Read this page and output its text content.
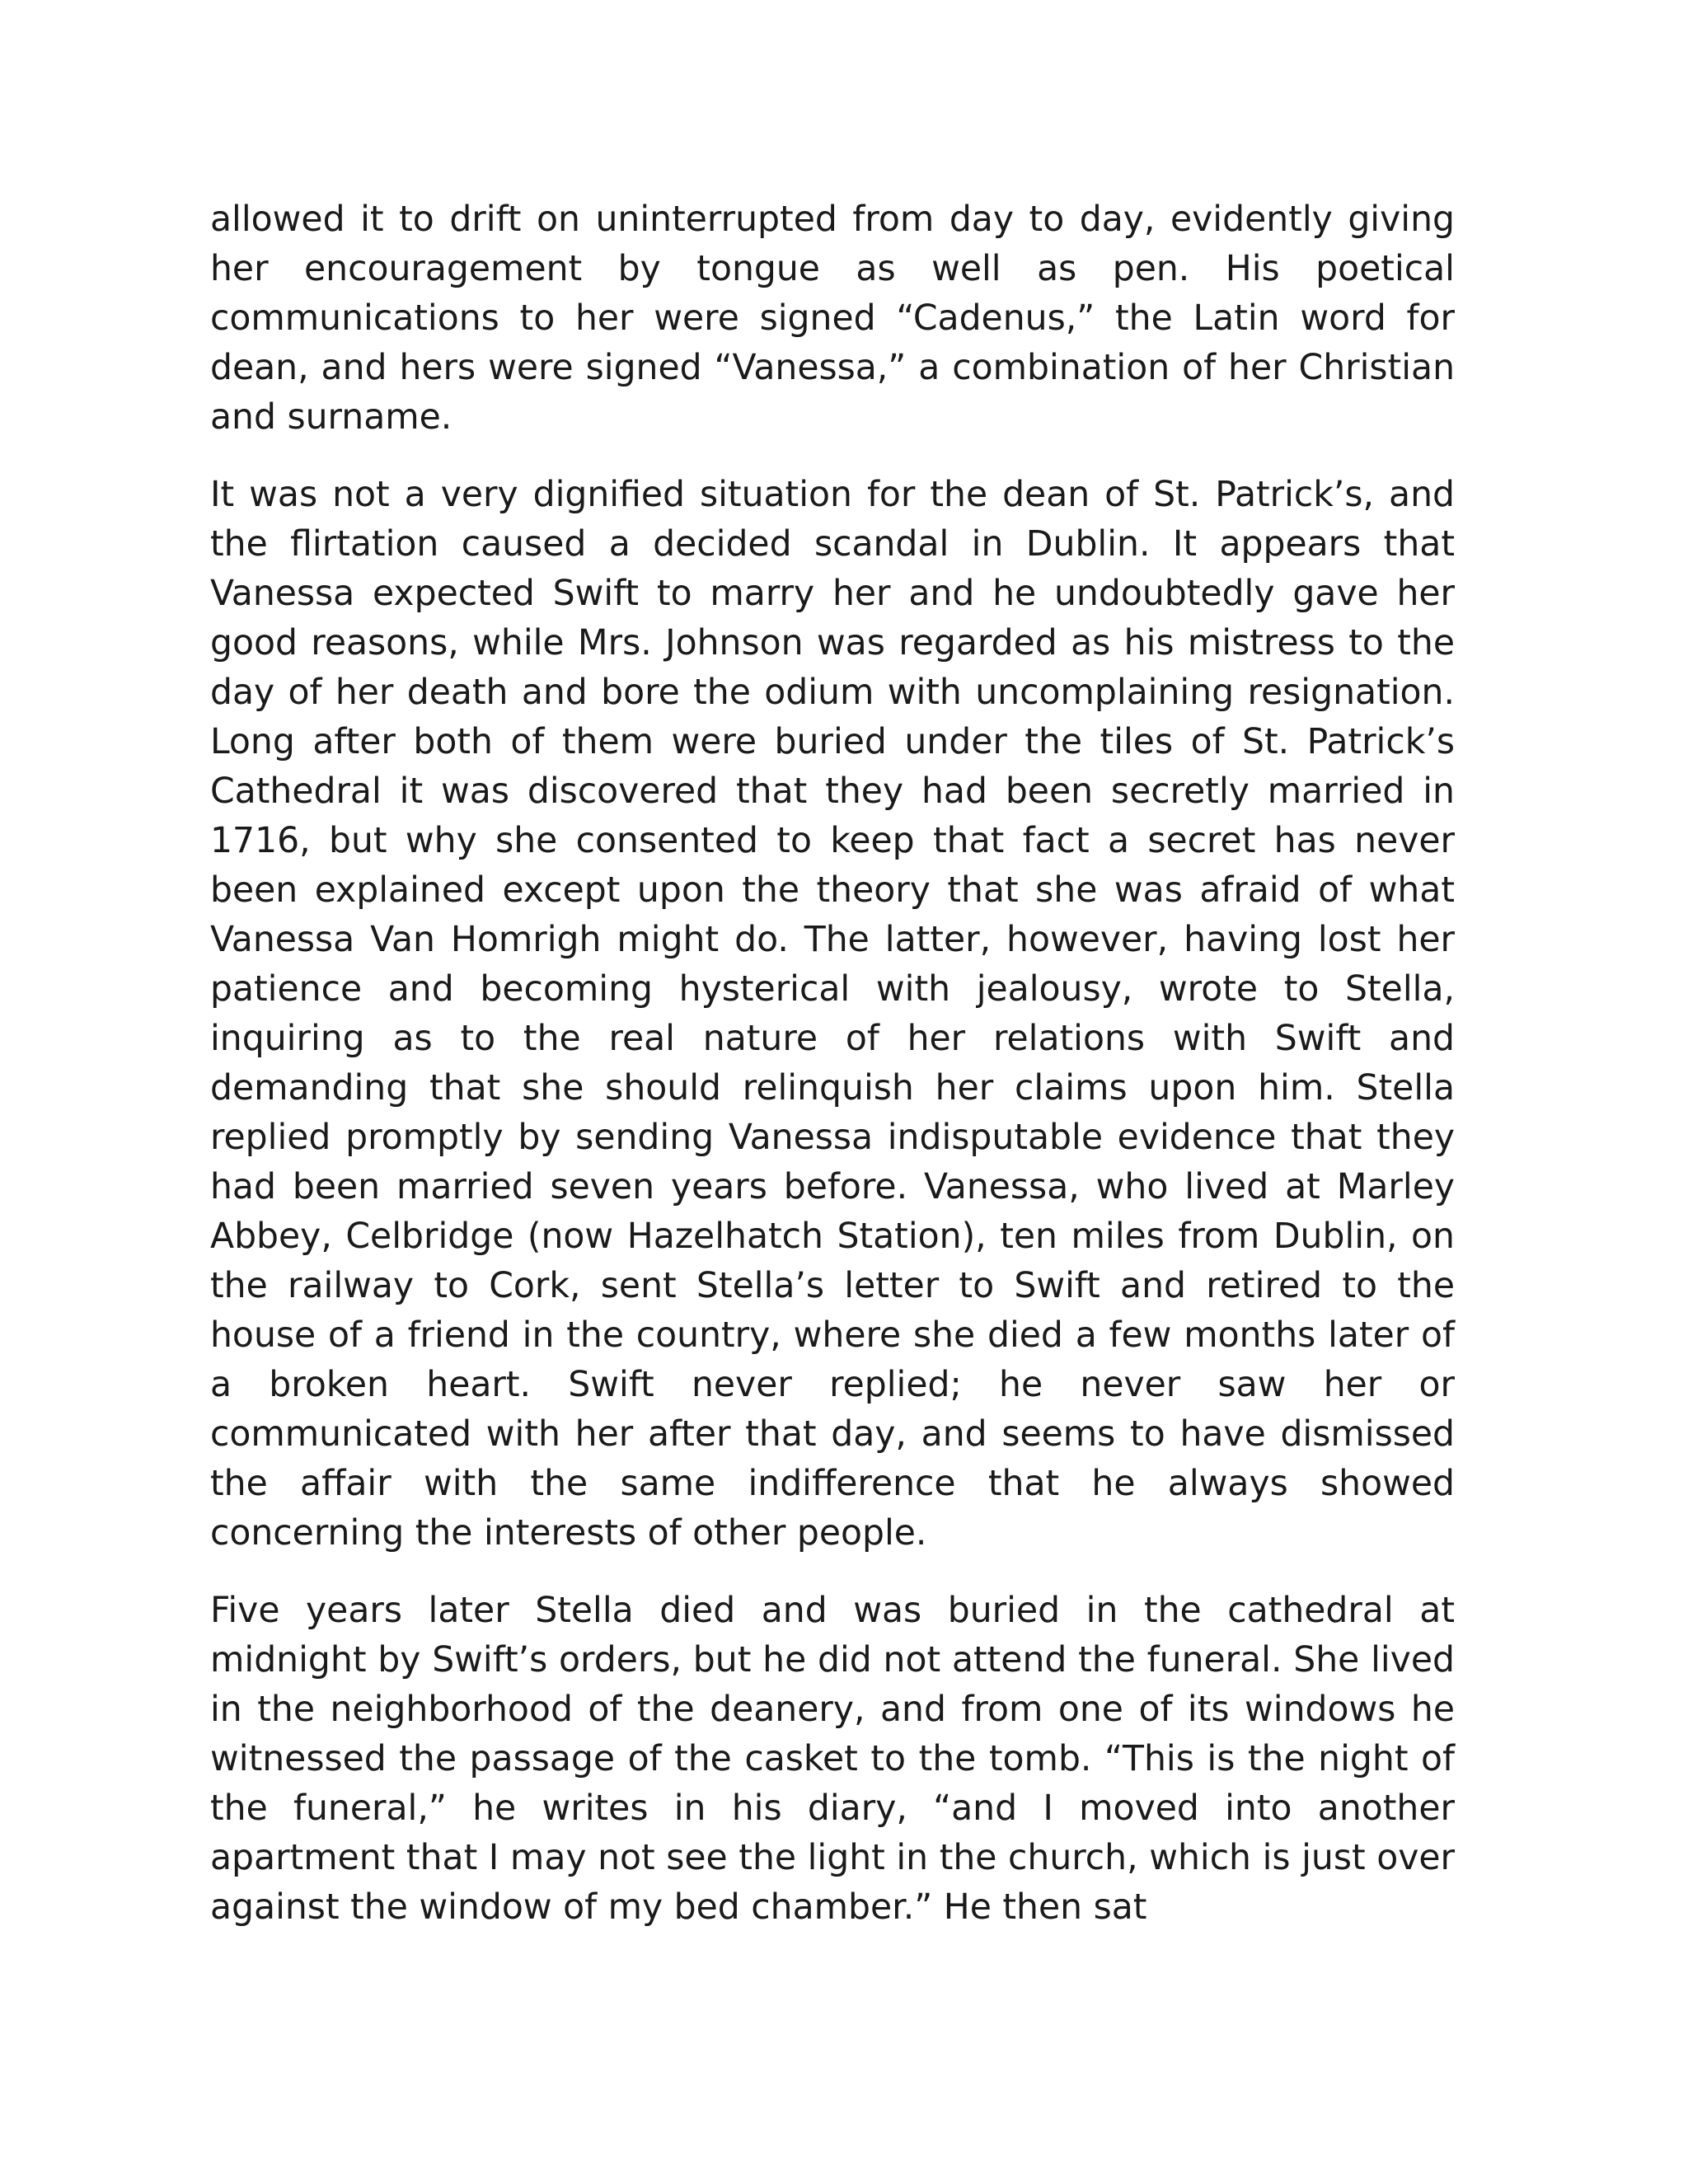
allowed it to drift on uninterrupted from day to day, evidently giving her encouragement by tongue as well as pen. His poetical communications to her were signed “Cadenus,” the Latin word for dean, and hers were signed “Vanessa,” a combination of her Christian and surname.

It was not a very dignified situation for the dean of St. Patrick’s, and the flirtation caused a decided scandal in Dublin. It appears that Vanessa expected Swift to marry her and he undoubtedly gave her good reasons, while Mrs. Johnson was regarded as his mistress to the day of her death and bore the odium with uncomplaining resignation. Long after both of them were buried under the tiles of St. Patrick’s Cathedral it was discovered that they had been secretly married in 1716, but why she consented to keep that fact a secret has never been explained except upon the theory that she was afraid of what Vanessa Van Homrigh might do. The latter, however, having lost her patience and becoming hysterical with jealousy, wrote to Stella, inquiring as to the real nature of her relations with Swift and demanding that she should relinquish her claims upon him. Stella replied promptly by sending Vanessa indisputable evidence that they had been married seven years before. Vanessa, who lived at Marley Abbey, Celbridge (now Hazelhatch Station), ten miles from Dublin, on the railway to Cork, sent Stella’s letter to Swift and retired to the house of a friend in the country, where she died a few months later of a broken heart. Swift never replied; he never saw her or communicated with her after that day, and seems to have dismissed the affair with the same indifference that he always showed concerning the interests of other people.

Five years later Stella died and was buried in the cathedral at midnight by Swift’s orders, but he did not attend the funeral. She lived in the neighborhood of the deanery, and from one of its windows he witnessed the passage of the casket to the tomb. “This is the night of the funeral,” he writes in his diary, “and I moved into another apartment that I may not see the light in the church, which is just over against the window of my bed chamber.” He then sat
